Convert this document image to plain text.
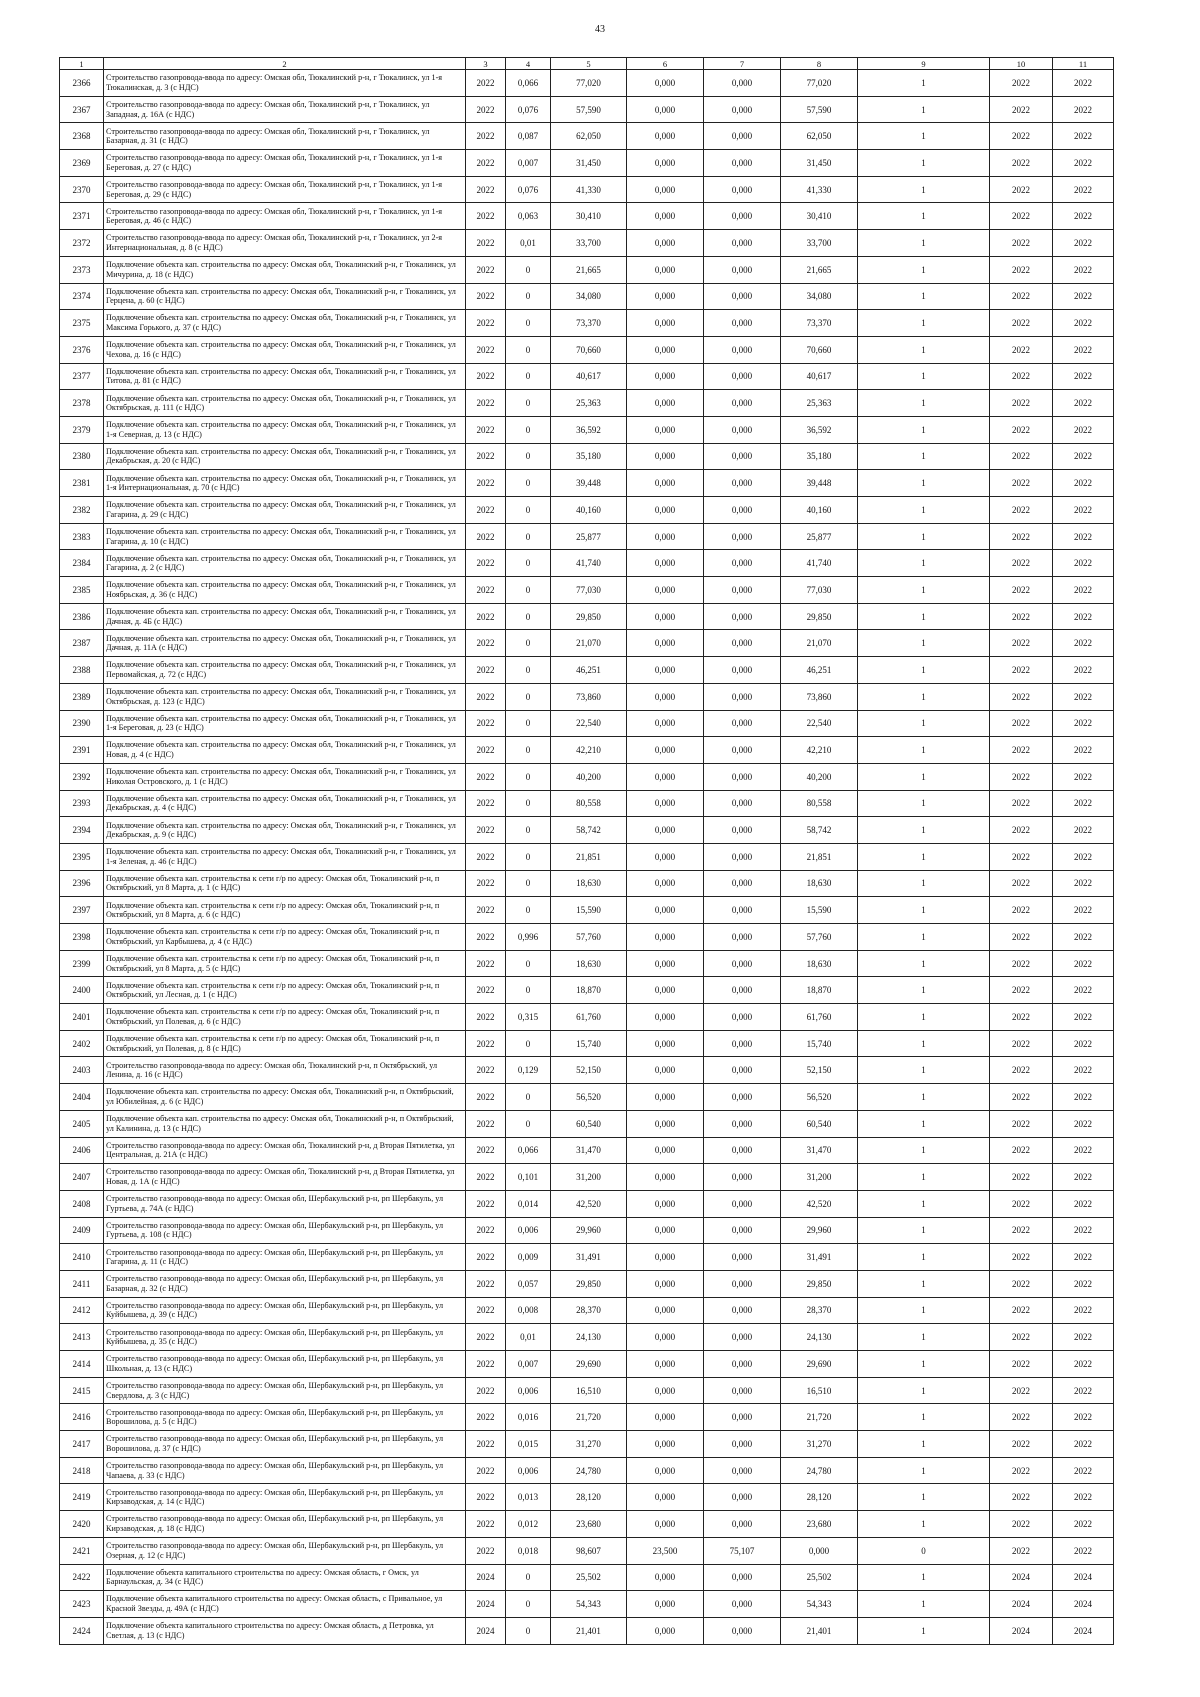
43
1	2	3	4	5	6	7	8	9	10	11
2366	Строительство газопровода-ввода по адресу: Омская обл, Тюкалинский р-н, г Тюкалинск, ул 1-я Тюкалинская, д. 3 (с НДС)	2022	0,066	77,020	0,000	0,000	77,020	1	2022	2022
2367	Строительство газопровода-ввода по адресу: Омская обл, Тюкалинский р-н, г Тюкалинск, ул Западная, д. 16А (с НДС)	2022	0,076	57,590	0,000	0,000	57,590	1	2022	2022
2368	Строительство газопровода-ввода по адресу: Омская обл, Тюкалинский р-н, г Тюкалинск, ул Базарная, д. 31 (с НДС)	2022	0,087	62,050	0,000	0,000	62,050	1	2022	2022
2369	Строительство газопровода-ввода по адресу: Омская обл, Тюкалинский р-н, г Тюкалинск, ул 1-я Береговая, д. 27 (с НДС)	2022	0,007	31,450	0,000	0,000	31,450	1	2022	2022
2370	Строительство газопровода-ввода по адресу: Омская обл, Тюкалинский р-н, г Тюкалинск, ул 1-я Береговая, д. 29 (с НДС)	2022	0,076	41,330	0,000	0,000	41,330	1	2022	2022
2371	Строительство газопровода-ввода по адресу: Омская обл, Тюкалинский р-н, г Тюкалинск, ул 1-я Береговая, д. 46 (с НДС)	2022	0,063	30,410	0,000	0,000	30,410	1	2022	2022
2372	Строительство газопровода-ввода по адресу: Омская обл, Тюкалинский р-н, г Тюкалинск, ул 2-я Интернациональная, д. 8 (с НДС)	2022	0,01	33,700	0,000	0,000	33,700	1	2022	2022
2373	Подключение объекта кап. строительства по адресу: Омская обл, Тюкалинский р-н, г Тюкалинск, ул Мичурина, д. 18 (с НДС)	2022	0	21,665	0,000	0,000	21,665	1	2022	2022
2374	Подключение объекта кап. строительства по адресу: Омская обл, Тюкалинский р-н, г Тюкалинск, ул Герцена, д. 60 (с НДС)	2022	0	34,080	0,000	0,000	34,080	1	2022	2022
2375	Подключение объекта кап. строительства по адресу: Омская обл, Тюкалинский р-н, г Тюкалинск, ул Максима Горького, д. 37 (с НДС)	2022	0	73,370	0,000	0,000	73,370	1	2022	2022
2376	Подключение объекта кап. строительства по адресу: Омская обл, Тюкалинский р-н, г Тюкалинск, ул Чехова, д. 16 (с НДС)	2022	0	70,660	0,000	0,000	70,660	1	2022	2022
2377	Подключение объекта кап. строительства по адресу: Омская обл, Тюкалинский р-н, г Тюкалинск, ул Титова, д. 81 (с НДС)	2022	0	40,617	0,000	0,000	40,617	1	2022	2022
2378	Подключение объекта кап. строительства по адресу: Омская обл, Тюкалинский р-н, г Тюкалинск, ул Октябрьская, д. 111 (с НДС)	2022	0	25,363	0,000	0,000	25,363	1	2022	2022
2379	Подключение объекта кап. строительства по адресу: Омская обл, Тюкалинский р-н, г Тюкалинск, ул 1-я Северная, д. 13 (с НДС)	2022	0	36,592	0,000	0,000	36,592	1	2022	2022
2380	Подключение объекта кап. строительства по адресу: Омская обл, Тюкалинский р-н, г Тюкалинск, ул Декабрьская, д. 20 (с НДС)	2022	0	35,180	0,000	0,000	35,180	1	2022	2022
2381	Подключение объекта кап. строительства по адресу: Омская обл, Тюкалинский р-н, г Тюкалинск, ул 1-я Интернациональная, д. 70 (с НДС)	2022	0	39,448	0,000	0,000	39,448	1	2022	2022
2382	Подключение объекта кап. строительства по адресу: Омская обл, Тюкалинский р-н, г Тюкалинск, ул Гагарина, д. 29 (с НДС)	2022	0	40,160	0,000	0,000	40,160	1	2022	2022
2383	Подключение объекта кап. строительства по адресу: Омская обл, Тюкалинский р-н, г Тюкалинск, ул Гагарина, д. 10 (с НДС)	2022	0	25,877	0,000	0,000	25,877	1	2022	2022
2384	Подключение объекта кап. строительства по адресу: Омская обл, Тюкалинский р-н, г Тюкалинск, ул Гагарина, д. 2 (с НДС)	2022	0	41,740	0,000	0,000	41,740	1	2022	2022
2385	Подключение объекта кап. строительства по адресу: Омская обл, Тюкалинский р-н, г Тюкалинск, ул Ноябрьская, д. 36 (с НДС)	2022	0	77,030	0,000	0,000	77,030	1	2022	2022
2386	Подключение объекта кап. строительства по адресу: Омская обл, Тюкалинский р-н, г Тюкалинск, ул Дачная, д. 4Б (с НДС)	2022	0	29,850	0,000	0,000	29,850	1	2022	2022
2387	Подключение объекта кап. строительства по адресу: Омская обл, Тюкалинский р-н, г Тюкалинск, ул Дачная, д. 11А (с НДС)	2022	0	21,070	0,000	0,000	21,070	1	2022	2022
2388	Подключение объекта кап. строительства по адресу: Омская обл, Тюкалинский р-н, г Тюкалинск, ул Первомайская, д. 72 (с НДС)	2022	0	46,251	0,000	0,000	46,251	1	2022	2022
2389	Подключение объекта кап. строительства по адресу: Омская обл, Тюкалинский р-н, г Тюкалинск, ул Октябрьская, д. 123 (с НДС)	2022	0	73,860	0,000	0,000	73,860	1	2022	2022
2390	Подключение объекта кап. строительства по адресу: Омская обл, Тюкалинский р-н, г Тюкалинск, ул 1-я Береговая, д. 23 (с НДС)	2022	0	22,540	0,000	0,000	22,540	1	2022	2022
2391	Подключение объекта кап. строительства по адресу: Омская обл, Тюкалинский р-н, г Тюкалинск, ул Новая, д. 4 (с НДС)	2022	0	42,210	0,000	0,000	42,210	1	2022	2022
2392	Подключение объекта кап. строительства по адресу: Омская обл, Тюкалинский р-н, г Тюкалинск, ул Николая Островского, д. 1 (с НДС)	2022	0	40,200	0,000	0,000	40,200	1	2022	2022
2393	Подключение объекта кап. строительства по адресу: Омская обл, Тюкалинский р-н, г Тюкалинск, ул Декабрьская, д. 4 (с НДС)	2022	0	80,558	0,000	0,000	80,558	1	2022	2022
2394	Подключение объекта кап. строительства по адресу: Омская обл, Тюкалинский р-н, г Тюкалинск, ул Декабрьская, д. 9 (с НДС)	2022	0	58,742	0,000	0,000	58,742	1	2022	2022
2395	Подключение объекта кап. строительства по адресу: Омская обл, Тюкалинский р-н, г Тюкалинск, ул 1-я Зеленая, д. 46 (с НДС)	2022	0	21,851	0,000	0,000	21,851	1	2022	2022
2396	Подключение объекта кап. строительства к сети г/р по адресу: Омская обл, Тюкалинский р-н, п Октябрьский, ул 8 Марта, д. 1 (с НДС)	2022	0	18,630	0,000	0,000	18,630	1	2022	2022
2397	Подключение объекта кап. строительства к сети г/р по адресу: Омская обл, Тюкалинский р-н, п Октябрьский, ул 8 Марта, д. 6 (с НДС)	2022	0	15,590	0,000	0,000	15,590	1	2022	2022
2398	Подключение объекта кап. строительства к сети г/р по адресу: Омская обл, Тюкалинский р-н, п Октябрьский, ул Карбышева, д. 4 (с НДС)	2022	0,996	57,760	0,000	0,000	57,760	1	2022	2022
2399	Подключение объекта кап. строительства к сети г/р по адресу: Омская обл, Тюкалинский р-н, п Октябрьский, ул 8 Марта, д. 5 (с НДС)	2022	0	18,630	0,000	0,000	18,630	1	2022	2022
2400	Подключение объекта кап. строительства к сети г/р по адресу: Омская обл, Тюкалинский р-н, п Октябрьский, ул Лесная, д. 1 (с НДС)	2022	0	18,870	0,000	0,000	18,870	1	2022	2022
2401	Подключение объекта кап. строительства к сети г/р по адресу: Омская обл, Тюкалинский р-н, п Октябрьский, ул Полевая, д. 6 (с НДС)	2022	0,315	61,760	0,000	0,000	61,760	1	2022	2022
2402	Подключение объекта кап. строительства к сети г/р по адресу: Омская обл, Тюкалинский р-н, п Октябрьский, ул Полевая, д. 8 (с НДС)	2022	0	15,740	0,000	0,000	15,740	1	2022	2022
2403	Строительство газопровода-ввода по адресу: Омская обл, Тюкалинский р-н, п Октябрьский, ул Ленина, д. 16 (с НДС)	2022	0,129	52,150	0,000	0,000	52,150	1	2022	2022
2404	Подключение объекта кап. строительства по адресу: Омская обл, Тюкалинский р-н, п Октябрьский, ул Юбилейная, д. 6 (с НДС)	2022	0	56,520	0,000	0,000	56,520	1	2022	2022
2405	Подключение объекта кап. строительства по адресу: Омская обл, Тюкалинский р-н, п Октябрьский, ул Калинина, д. 13 (с НДС)	2022	0	60,540	0,000	0,000	60,540	1	2022	2022
2406	Строительство газопровода-ввода по адресу: Омская обл, Тюкалинский р-н, д Вторая Пятилетка, ул Центральная, д. 21А (с НДС)	2022	0,066	31,470	0,000	0,000	31,470	1	2022	2022
2407	Строительство газопровода-ввода по адресу: Омская обл, Тюкалинский р-н, д Вторая Пятилетка, ул Новая, д. 1А (с НДС)	2022	0,101	31,200	0,000	0,000	31,200	1	2022	2022
2408	Строительство газопровода-ввода по адресу: Омская обл, Шербакульский р-н, рп Шербакуль, ул Гуртьева, д. 74А (с НДС)	2022	0,014	42,520	0,000	0,000	42,520	1	2022	2022
2409	Строительство газопровода-ввода по адресу: Омская обл, Шербакульский р-н, рп Шербакуль, ул Гуртьева, д. 108 (с НДС)	2022	0,006	29,960	0,000	0,000	29,960	1	2022	2022
2410	Строительство газопровода-ввода по адресу: Омская обл, Шербакульский р-н, рп Шербакуль, ул Гагарина, д. 11 (с НДС)	2022	0,009	31,491	0,000	0,000	31,491	1	2022	2022
2411	Строительство газопровода-ввода по адресу: Омская обл, Шербакульский р-н, рп Шербакуль, ул Базарная, д. 32 (с НДС)	2022	0,057	29,850	0,000	0,000	29,850	1	2022	2022
2412	Строительство газопровода-ввода по адресу: Омская обл, Шербакульский р-н, рп Шербакуль, ул Куйбышева, д. 39 (с НДС)	2022	0,008	28,370	0,000	0,000	28,370	1	2022	2022
2413	Строительство газопровода-ввода по адресу: Омская обл, Шербакульский р-н, рп Шербакуль, ул Куйбышева, д. 35 (с НДС)	2022	0,01	24,130	0,000	0,000	24,130	1	2022	2022
2414	Строительство газопровода-ввода по адресу: Омская обл, Шербакульский р-н, рп Шербакуль, ул Школьная, д. 13 (с НДС)	2022	0,007	29,690	0,000	0,000	29,690	1	2022	2022
2415	Строительство газопровода-ввода по адресу: Омская обл, Шербакульский р-н, рп Шербакуль, ул Свердлова, д. 3 (с НДС)	2022	0,006	16,510	0,000	0,000	16,510	1	2022	2022
2416	Строительство газопровода-ввода по адресу: Омская обл, Шербакульский р-н, рп Шербакуль, ул Ворошилова, д. 5 (с НДС)	2022	0,016	21,720	0,000	0,000	21,720	1	2022	2022
2417	Строительство газопровода-ввода по адресу: Омская обл, Шербакульский р-н, рп Шербакуль, ул Ворошилова, д. 37 (с НДС)	2022	0,015	31,270	0,000	0,000	31,270	1	2022	2022
2418	Строительство газопровода-ввода по адресу: Омская обл, Шербакульский р-н, рп Шербакуль, ул Чапаева, д. 33 (с НДС)	2022	0,006	24,780	0,000	0,000	24,780	1	2022	2022
2419	Строительство газопровода-ввода по адресу: Омская обл, Шербакульский р-н, рп Шербакуль, ул Кирзаводская, д. 14 (с НДС)	2022	0,013	28,120	0,000	0,000	28,120	1	2022	2022
2420	Строительство газопровода-ввода по адресу: Омская обл, Шербакульский р-н, рп Шербакуль, ул Кирзаводская, д. 18 (с НДС)	2022	0,012	23,680	0,000	0,000	23,680	1	2022	2022
2421	Строительство газопровода-ввода по адресу: Омская обл, Шербакульский р-н, рп Шербакуль, ул Озерная, д. 12 (с НДС)	2022	0,018	98,607	23,500	75,107	0,000	0	2022	2022
2422	Подключение объекта капитального строительства по адресу: Омская область, г Омск, ул Барнаульская, д. 34 (с НДС)	2024	0	25,502	0,000	0,000	25,502	1	2024	2024
2423	Подключение объекта капитального строительства по адресу: Омская область, с Привальное, ул Красной Звезды, д. 49А (с НДС)	2024	0	54,343	0,000	0,000	54,343	1	2024	2024
2424	Подключение объекта капитального строительства по адресу: Омская область, д Петровка, ул Светлая, д. 13 (с НДС)	2024	0	21,401	0,000	0,000	21,401	1	2024	2024
